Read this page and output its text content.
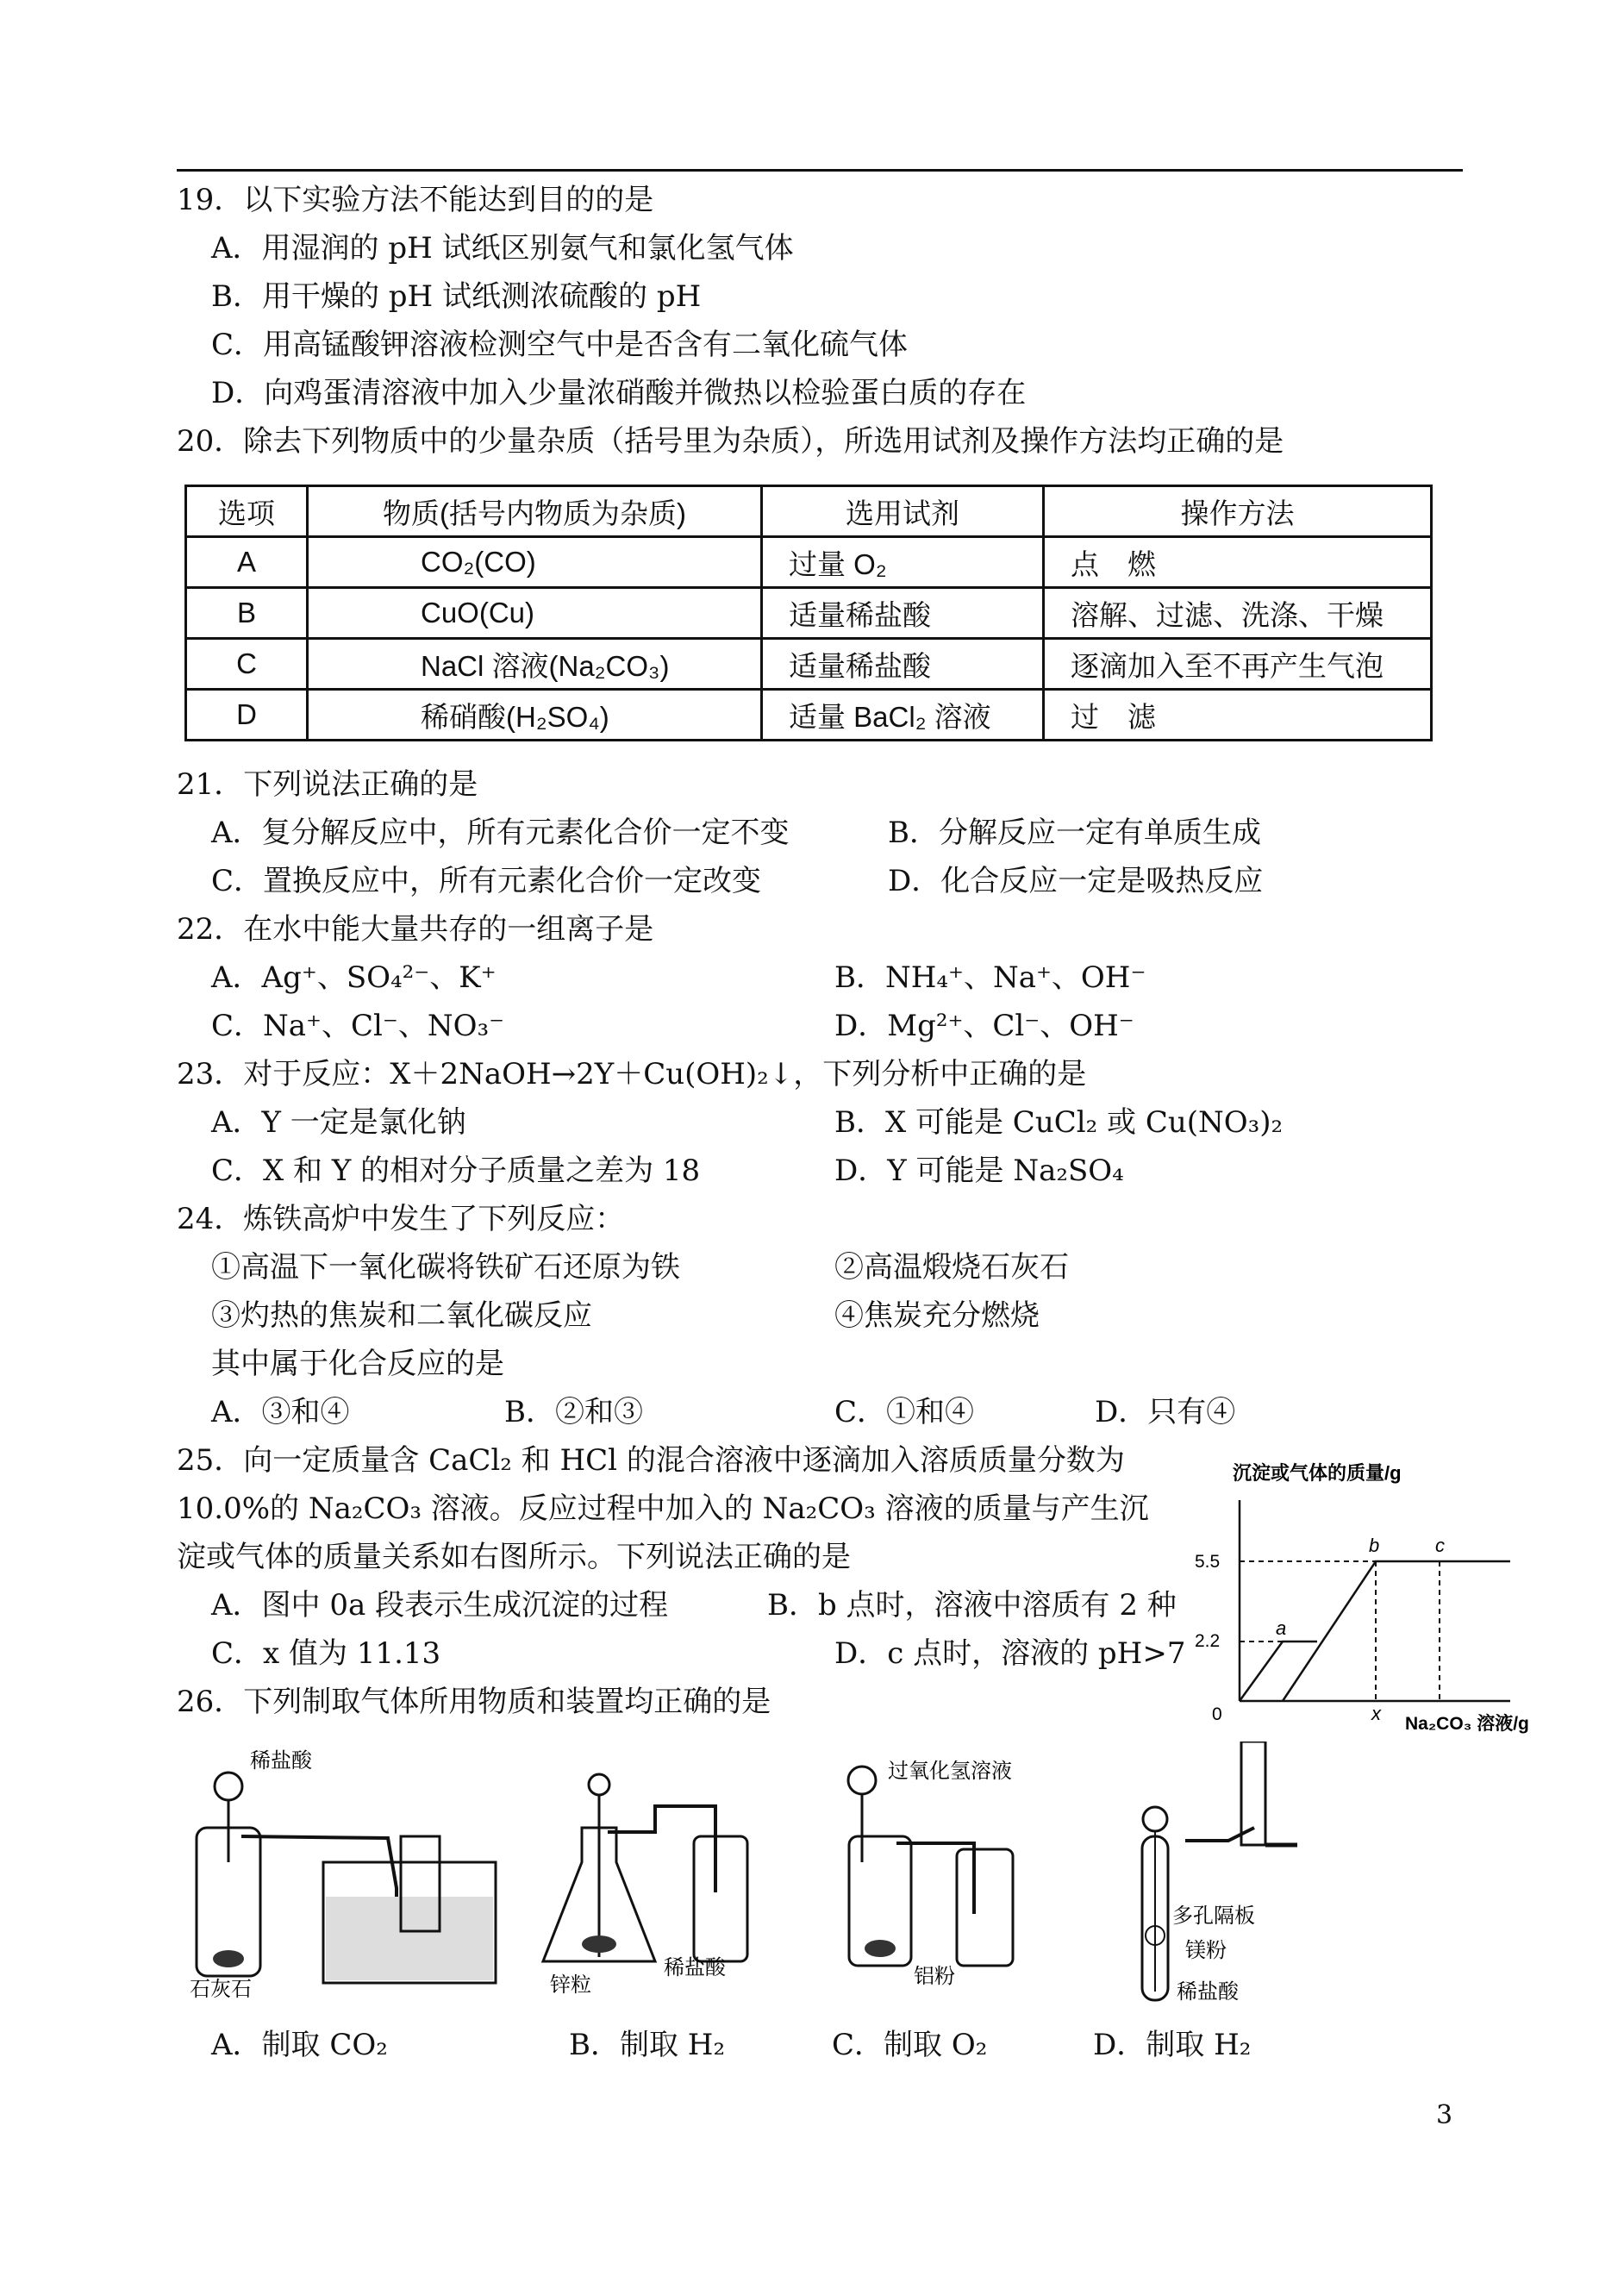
19．以下实验方法不能达到目的的是
A．用湿润的 pH 试纸区别氨气和氯化氢气体
B．用干燥的 pH 试纸测浓硫酸的 pH
C．用高锰酸钾溶液检测空气中是否含有二氧化硫气体
D．向鸡蛋清溶液中加入少量浓硝酸并微热以检验蛋白质的存在
20．除去下列物质中的少量杂质（括号里为杂质），所选用试剂及操作方法均正确的是
选项	物质(括号内物质为杂质)	选用试剂	操作方法
A	CO₂(CO)	过量 O₂	点　燃
B	CuO(Cu)	适量稀盐酸	溶解、过滤、洗涤、干燥
C	NaCl 溶液(Na₂CO₃)	适量稀盐酸	逐滴加入至不再产生气泡
D	稀硝酸(H₂SO₄)	适量 BaCl₂ 溶液	过　滤
21．下列说法正确的是
A．复分解反应中，所有元素化合价一定不变	B．分解反应一定有单质生成
C．置换反应中，所有元素化合价一定改变	D．化合反应一定是吸热反应
22．在水中能大量共存的一组离子是
A．Ag⁺、SO₄²⁻、K⁺	B．NH₄⁺、Na⁺、OH⁻
C．Na⁺、Cl⁻、NO₃⁻	D．Mg²⁺、Cl⁻、OH⁻
23．对于反应：X＋2NaOH→2Y＋Cu(OH)₂↓，下列分析中正确的是
A．Y 一定是氯化钠	B．X 可能是 CuCl₂ 或 Cu(NO₃)₂
C．X 和 Y 的相对分子质量之差为 18	D．Y 可能是 Na₂SO₄
24．炼铁高炉中发生了下列反应：
①高温下一氧化碳将铁矿石还原为铁	②高温煅烧石灰石
③灼热的焦炭和二氧化碳反应	④焦炭充分燃烧
其中属于化合反应的是
A．③和④	B．②和③	C．①和④	D．只有④
25．向一定质量含 CaCl₂ 和 HCl 的混合溶液中逐滴加入溶质质量分数为
10.0%的 Na₂CO₃ 溶液。反应过程中加入的 Na₂CO₃ 溶液的质量与产生沉
淀或气体的质量关系如右图所示。下列说法正确的是
A．图中 0a 段表示生成沉淀的过程	B．b 点时，溶液中溶质有 2 种
C．x 值为 11.13	D．c 点时，溶液的 pH>7
沉淀或气体的质量/g
5.5
2.2
0
a
b	c
x Na₂CO₃ 溶液/g
26．下列制取气体所用物质和装置均正确的是
稀盐酸
石灰石	锌粒
稀盐酸
过氧化氢溶液
铝粉
多孔隔板
镁粉
稀盐酸
A．制取 CO₂	B．制取 H₂	C．制取 O₂	D．制取 H₂
3
